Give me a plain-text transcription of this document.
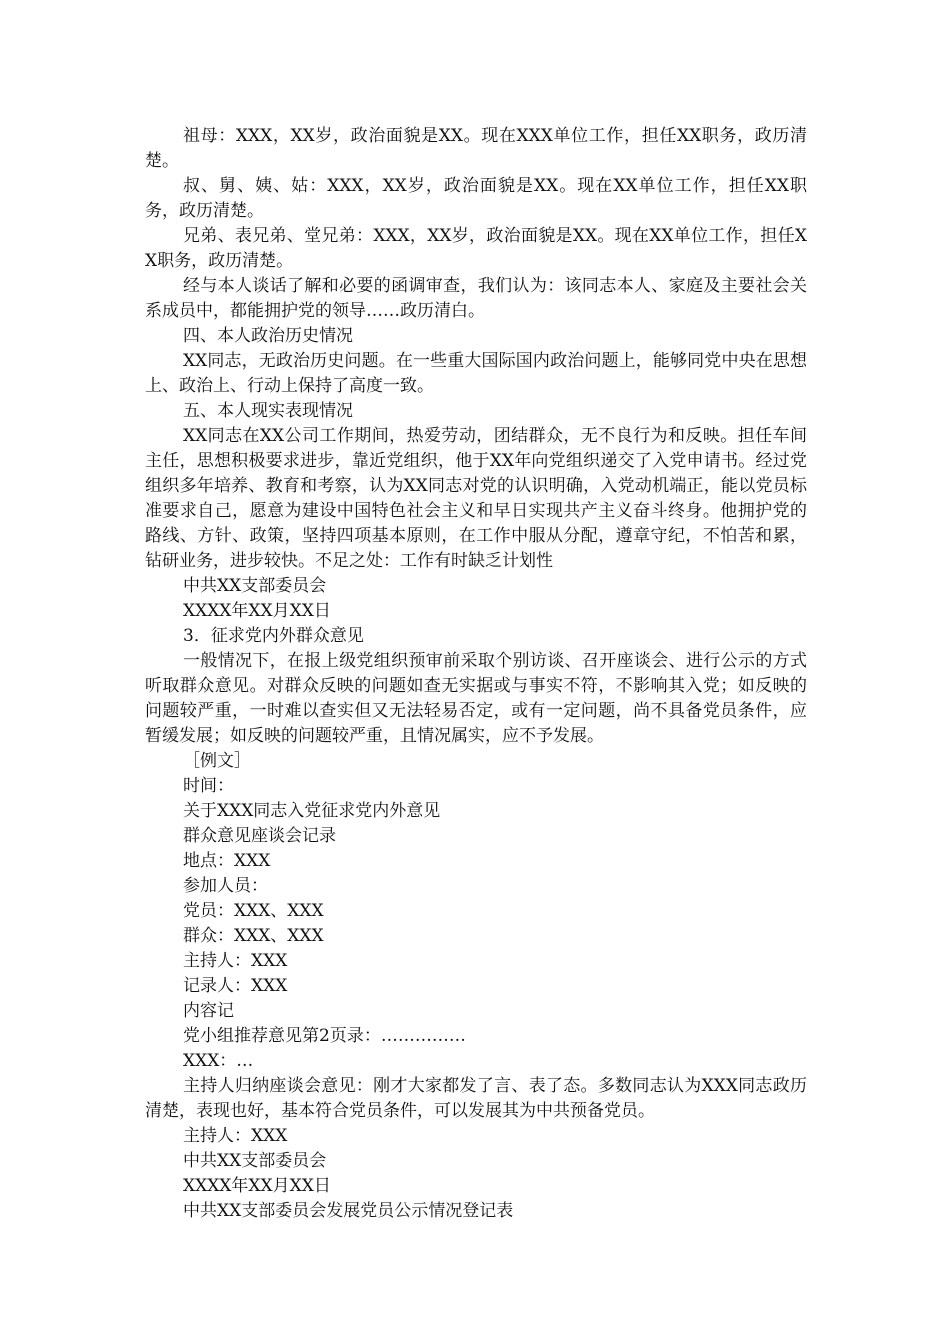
祖母：XXX，XX岁，政治面貌是XX。现在XXX单位工作，担任XX职务，政历清楚。

叔、舅、姨、姑：XXX，XX岁，政治面貌是XX。现在XX单位工作，担任XX职务，政历清楚。

兄弟、表兄弟、堂兄弟：XXX，XX岁，政治面貌是XX。现在XX单位工作，担任XX职务，政历清楚。

经与本人谈话了解和必要的函调审查，我们认为：该同志本人、家庭及主要社会关系成员中，都能拥护党的领导……政历清白。

四、本人政治历史情况

XX同志，无政治历史问题。在一些重大国际国内政治问题上，能够同党中央在思想上、政治上、行动上保持了高度一致。

五、本人现实表现情况

XX同志在XX公司工作期间，热爱劳动，团结群众，无不良行为和反映。担任车间主任，思想积极要求进步，靠近党组织，他于XX年向党组织递交了入党申请书。经过党组织多年培养、教育和考察，认为XX同志对党的认识明确，入党动机端正，能以党员标准要求自己，愿意为建设中国特色社会主义和早日实现共产主义奋斗终身。他拥护党的路线、方针、政策，坚持四项基本原则，在工作中服从分配，遵章守纪，不怕苦和累，钻研业务，进步较快。不足之处：工作有时缺乏计划性

中共XX支部委员会

XXXX年XX月XX日

3．征求党内外群众意见

一般情况下，在报上级党组织预审前采取个别访谈、召开座谈会、进行公示的方式听取群众意见。对群众反映的问题如查无实据或与事实不符，不影响其入党；如反映的问题较严重，一时难以查实但又无法轻易否定，或有一定问题，尚不具备党员条件，应暂缓发展；如反映的问题较严重，且情况属实，应不予发展。

［例文］

时间：

关于XXX同志入党征求党内外意见

群众意见座谈会记录

地点：XXX

参加人员：

党员：XXX、XXX

群众：XXX、XXX

主持人：XXX

记录人：XXX

内容记

党小组推荐意见第2页录：……………

XXX：…

主持人归纳座谈会意见：刚才大家都发了言、表了态。多数同志认为XXX同志政历清楚，表现也好，基本符合党员条件，可以发展其为中共预备党员。

主持人：XXX

中共XX支部委员会

XXXX年XX月XX日

中共XX支部委员会发展党员公示情况登记表
